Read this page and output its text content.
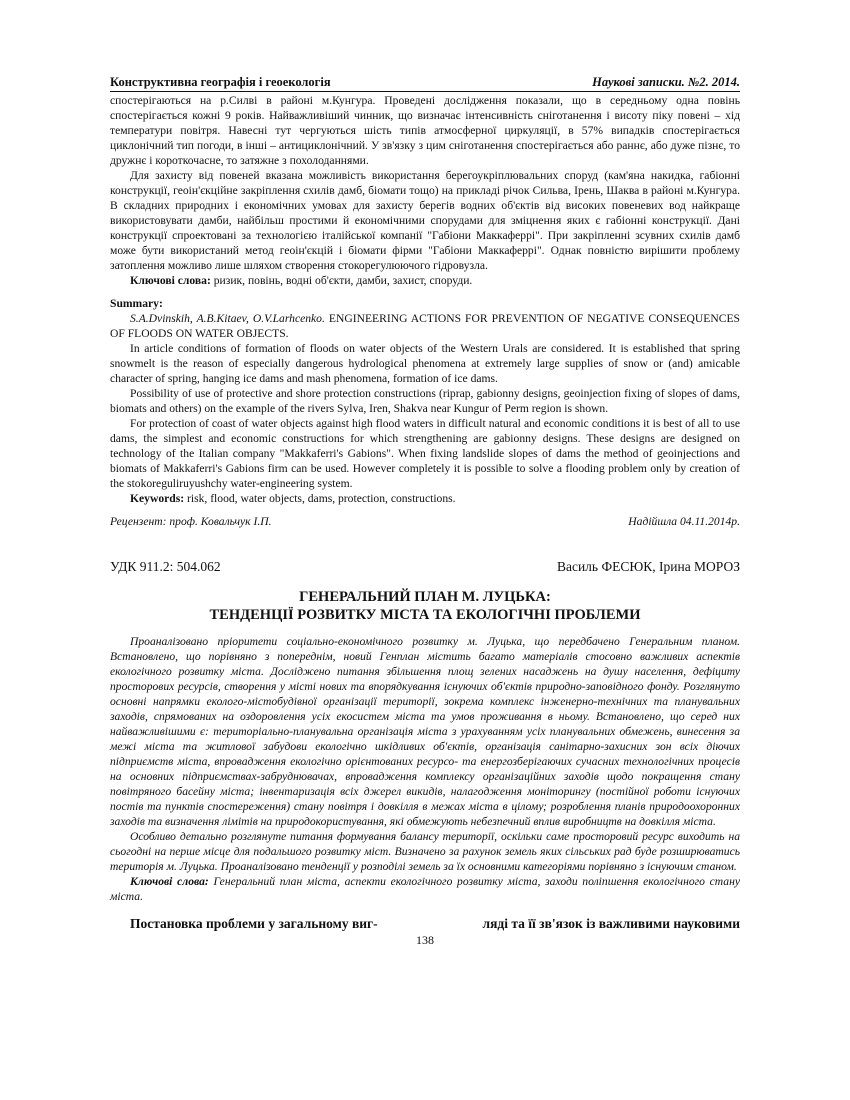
Конструктивна географія і геоекологія	Наукові записки. №2. 2014.

спостерігаються на р.Силві в районі м.Кунгура. Проведені дослідження показали, що в середньому одна повінь спостерігається кожні 9 років. Найважливіший чинник, що визначає інтенсивність сніготанення і висоту піку повені – хід температури повітря. Навесні тут чергуються шість типів атмосферної циркуляції, в 57% випадків спостерігається циклонічний тип погоди, в інші – антициклонічний. У зв'язку з цим сніготанення спостерігається або раннє, або дуже пізнє, то дружнє і короткочасне, то затяжне з похолоданнями.

Для захисту від повеней вказана можливість використання берегоукріплювальних споруд (кам'яна накидка, габіонні конструкції, геоін'єкційне закріплення схилів дамб, біомати тощо) на прикладі річок Сильва, Ірень, Шаква в районі м.Кунгура. В складних природних і економічних умовах для захисту берегів водних об'єктів від високих повеневих вод найкраще використовувати дамби, найбільш простими й економічними спорудами для зміцнення яких є габіонні конструкції. Дані конструкції спроектовані за технологією італійської компанії "Габіони Маккаферрі". При закріпленні зсувних схилів дамб може бути використаний метод геоін'єкцій і біомати фірми "Габіони Маккаферрі". Однак повністю вирішити проблему затоплення можливо лише шляхом створення стокорегулюючого гідровузла.

Ключові слова: ризик, повінь, водні об'єкти, дамби, захист, споруди.

Summary:

S.A.Dvinskih, A.B.Kitaev, O.V.Larhcenko. ENGINEERING ACTIONS FOR PREVENTION OF NEGATIVE CONSEQUENCES OF FLOODS ON WATER OBJECTS.

In article conditions of formation of floods on water objects of the Western Urals are considered. It is established that spring snowmelt is the reason of especially dangerous hydrological phenomena at extremely large supplies of snow or (and) amicable character of spring, hanging ice dams and mash phenomena, formation of ice dams.

Possibility of use of protective and shore protection constructions (riprap, gabionny designs, geoinjection fixing of slopes of dams, biomats and others) on the example of the rivers Sylva, Iren, Shakva near Kungur of Perm region is shown.

For protection of coast of water objects against high flood waters in difficult natural and economic conditions it is best of all to use dams, the simplest and economic constructions for which strengthening are gabionny designs. These designs are designed on technology of the Italian company "Makkaferri's Gabions". When fixing landslide slopes of dams the method of geoinjections and biomats of Makkaferri's Gabions firm can be used. However completely it is possible to solve a flooding problem only by creation of the stokoreguliruyushchy water-engineering system.

Keywords: risk, flood, water objects, dams, protection, constructions.

Рецензент: проф. Ковальчук І.П.	Надійшла 04.11.2014р.
УДК 911.2: 504.062	Василь ФЕСЮК, Ірина МОРОЗ
ГЕНЕРАЛЬНИЙ ПЛАН М. ЛУЦЬКА:
ТЕНДЕНЦІЇ РОЗВИТКУ МІСТА ТА ЕКОЛОГІЧНІ ПРОБЛЕМИ

Проаналізовано пріоритети соціально-економічного розвитку м. Луцька, що передбачено Генеральним планом. Встановлено, що порівняно з попереднім, новий Генплан містить багато матеріалів стосовно важливих аспектів екологічного розвитку міста. Досліджено питання збільшення площ зелених насаджень на душу населення, дефіциту просторових ресурсів, створення у місті нових та впорядкування існуючих об'єктів природно-заповідного фонду. Розглянуто основні напрямки еколого-містобудівної організації території, зокрема комплекс інженерно-технічних та планувальних заходів, спрямованих на оздоровлення усіх екосистем міста та умов проживання в ньому. Встановлено, що серед них найважливішими є: територіально-планувальна організація міста з урахуванням усіх планувальних обмежень, винесення за межі міста та житлової забудови екологічно шкідливих об'єктів, організація санітарно-захисних зон всіх діючих підприємств міста, впровадження екологічно орієнтованих ресурсо- та енергозберігаючих сучасних технологічних процесів на основних підприємствах-забруднювачах, впровадження комплексу організаційних заходів щодо покращення стану повітряного басейну міста; інвентаризація всіх джерел викидів, налагодження моніторингу (постійної роботи існуючих постів та пунктів спостереження) стану повітря і довкілля в межах міста в цілому; розроблення планів природоохоронних заходів та визначення лімітів на природокористування, які обмежують небезпечний вплив виробництв на довкілля міста.

Особливо детально розглянуте питання формування балансу території, оскільки саме просторовий ресурс виходить на сьогодні на перше місце для подальшого розвитку міст. Визначено за рахунок земель яких сільських рад буде розширюватись територія м. Луцька. Проаналізовано тенденції у розподілі земель за їх основними категоріями порівняно з існуючим станом.

Ключові слова: Генеральний план міста, аспекти екологічного розвитку міста, заходи поліпшення екологічного стану міста.

Постановка проблеми у загальному виг-	ляді та її зв'язок із важливими науковими
138
